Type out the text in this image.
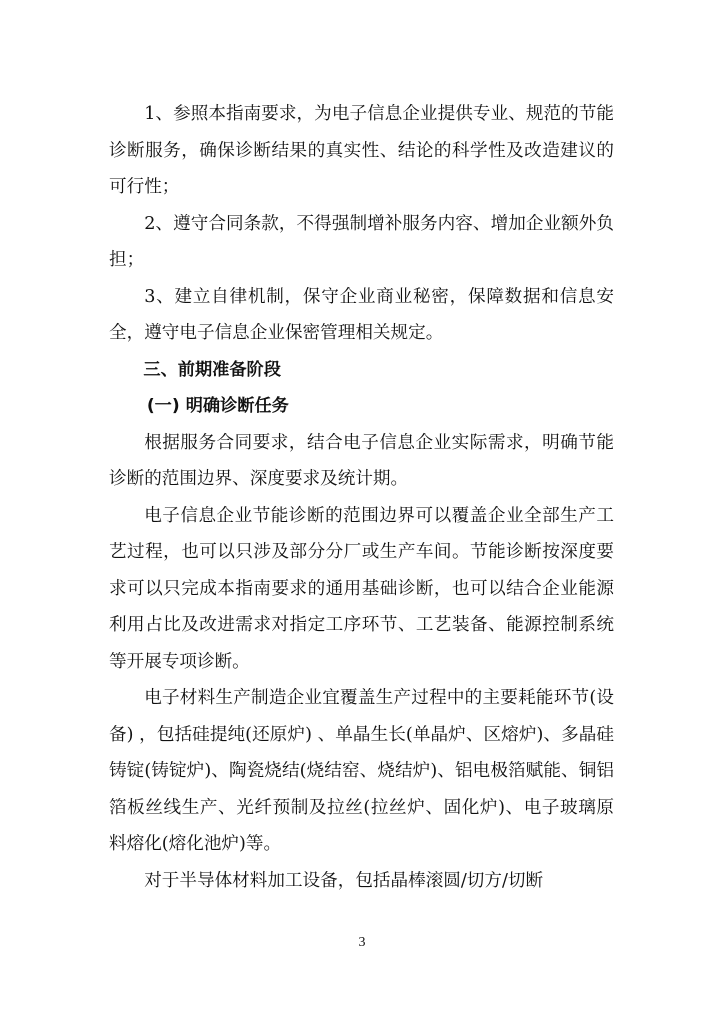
1、参照本指南要求，为电子信息企业提供专业、规范的节能诊断服务，确保诊断结果的真实性、结论的科学性及改造建议的可行性；

2、遵守合同条款，不得强制增补服务内容、增加企业额外负担；

3、建立自律机制，保守企业商业秘密，保障数据和信息安全，遵守电子信息企业保密管理相关规定。

三、前期准备阶段

(一) 明确诊断任务

根据服务合同要求，结合电子信息企业实际需求，明确节能诊断的范围边界、深度要求及统计期。

电子信息企业节能诊断的范围边界可以覆盖企业全部生产工艺过程，也可以只涉及部分分厂或生产车间。节能诊断按深度要求可以只完成本指南要求的通用基础诊断，也可以结合企业能源利用占比及改进需求对指定工序环节、工艺装备、能源控制系统等开展专项诊断。

电子材料生产制造企业宜覆盖生产过程中的主要耗能环节(设备) ，包括硅提纯(还原炉) 、单晶生长(单晶炉、区熔炉)、多晶硅铸锭(铸锭炉)、陶瓷烧结(烧结窑、烧结炉)、铝电极箔赋能、铜铝箔板丝线生产、光纤预制及拉丝(拉丝炉、固化炉)、电子玻璃原料熔化(熔化池炉)等。

对于半导体材料加工设备，包括晶棒滚圆/切方/切断

3
